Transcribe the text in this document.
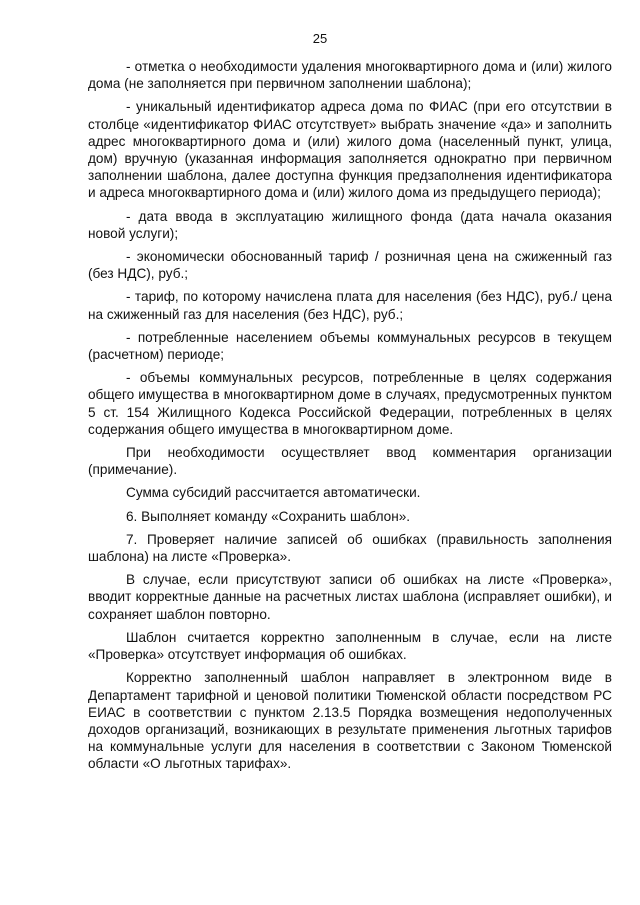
25

- отметка о необходимости удаления многоквартирного дома и (или) жилого дома (не заполняется при первичном заполнении шаблона);

- уникальный идентификатор адреса дома по ФИАС (при его отсутствии в столбце «идентификатор ФИАС отсутствует» выбрать значение «да» и заполнить адрес многоквартирного дома и (или) жилого дома (населенный пункт, улица, дом) вручную (указанная информация заполняется однократно при первичном заполнении шаблона, далее доступна функция предзаполнения идентификатора и адреса многоквартирного дома и (или) жилого дома из предыдущего периода);

- дата ввода в эксплуатацию жилищного фонда (дата начала оказания новой услуги);

- экономически обоснованный тариф / розничная цена на сжиженный газ (без НДС), руб.;

- тариф, по которому начислена плата для населения (без НДС), руб./ цена на сжиженный газ для населения (без НДС), руб.;

- потребленные населением объемы коммунальных ресурсов в текущем (расчетном) периоде;

- объемы коммунальных ресурсов, потребленные в целях содержания общего имущества в многоквартирном доме в случаях, предусмотренных пунктом 5 ст. 154 Жилищного Кодекса Российской Федерации, потребленных в целях содержания общего имущества в многоквартирном доме.

При необходимости осуществляет ввод комментария организации (примечание).

Сумма субсидий рассчитается автоматически.

6. Выполняет команду «Сохранить шаблон».

7. Проверяет наличие записей об ошибках (правильность заполнения шаблона) на листе «Проверка».

В случае, если присутствуют записи об ошибках на листе «Проверка», вводит корректные данные на расчетных листах шаблона (исправляет ошибки), и сохраняет шаблон повторно.

Шаблон считается корректно заполненным в случае, если на листе «Проверка» отсутствует информация об ошибках.

Корректно заполненный шаблон направляет в электронном виде в Департамент тарифной и ценовой политики Тюменской области посредством РС ЕИАС в соответствии с пунктом 2.13.5 Порядка возмещения недополученных доходов организаций, возникающих в результате применения льготных тарифов на коммунальные услуги для населения в соответствии с Законом Тюменской области «О льготных тарифах».
